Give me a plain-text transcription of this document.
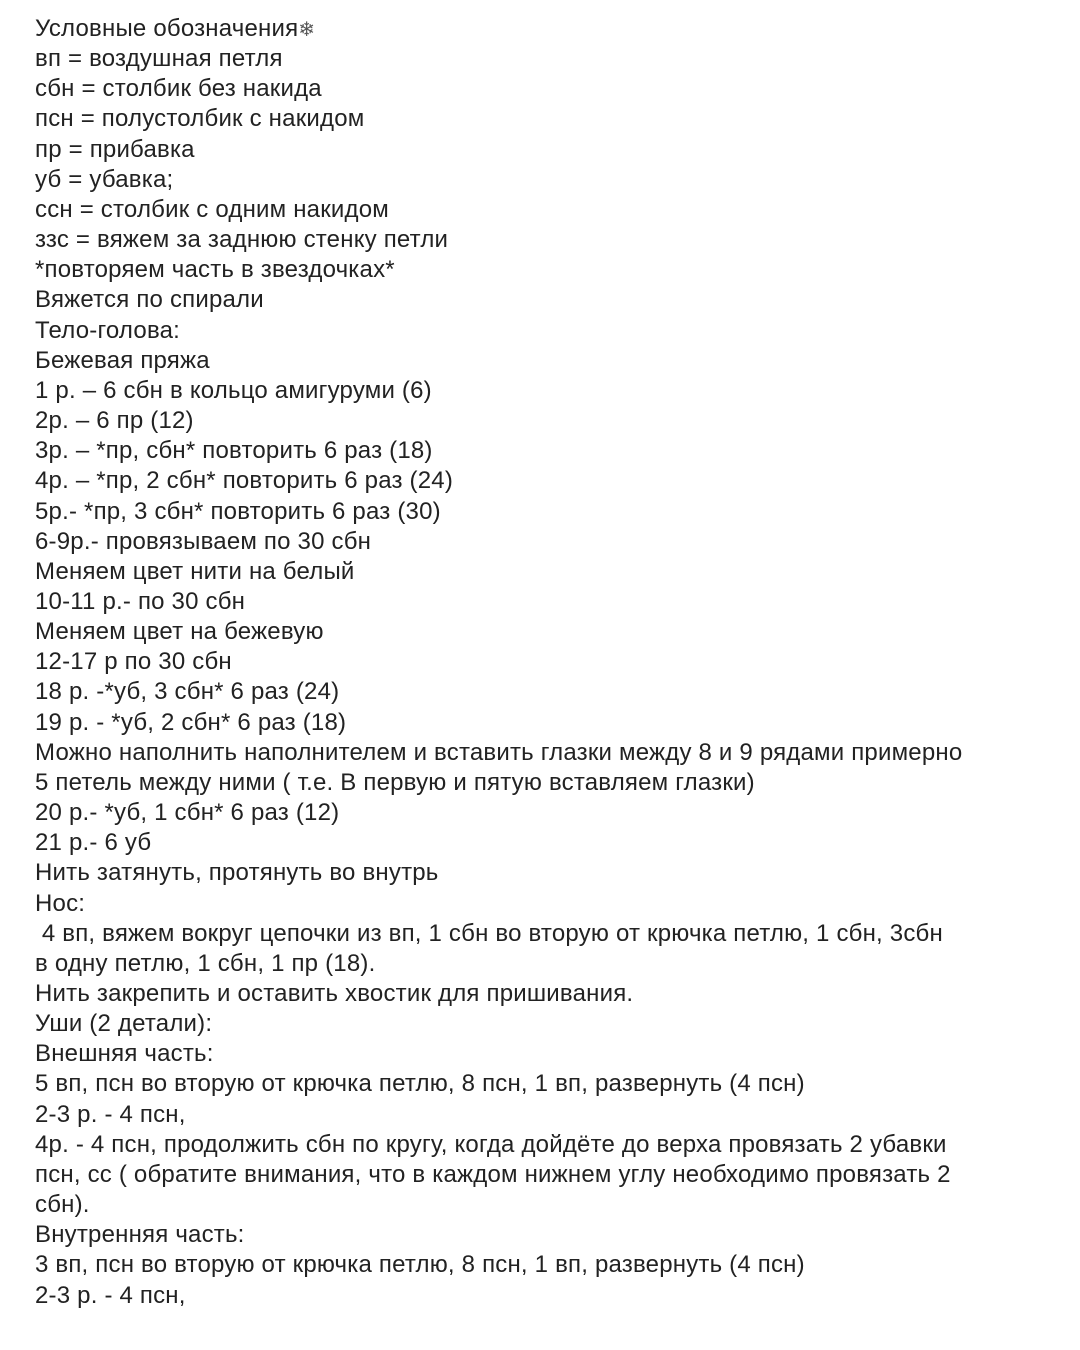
Условные обозначения❄
вп = воздушная петля
сбн = столбик без накида
псн = полустолбик с накидом
пр = прибавка
уб = убавка;
ссн = столбик с одним накидом
ззс = вяжем за заднюю стенку петли
*повторяем часть в звездочках*
Вяжется по спирали
Тело-голова:
Бежевая пряжа
1 р. – 6 сбн в кольцо амигуруми (6)
2р. – 6 пр (12)
3р. – *пр, сбн* повторить 6 раз (18)
4р. – *пр, 2 сбн* повторить 6 раз (24)
5р.- *пр, 3 сбн* повторить 6 раз (30)
6-9р.- провязываем по 30 сбн
Меняем цвет нити на белый
10-11 р.- по 30 сбн
Меняем цвет на бежевую
12-17 р по 30 сбн
18 р. -*уб, 3 сбн* 6 раз (24)
19 р. - *уб, 2 сбн* 6 раз (18)
Можно наполнить наполнителем и вставить глазки между 8 и 9 рядами примерно
5 петель между ними ( т.е. В первую и пятую вставляем глазки)
20 р.- *уб, 1 сбн* 6 раз (12)
21 р.- 6 уб
Нить затянуть, протянуть во внутрь
Нос:
4 вп, вяжем вокруг цепочки из вп, 1 сбн во вторую от крючка петлю, 1 сбн, 3сбн
в одну петлю, 1 сбн, 1 пр (18).
Нить закрепить и оставить хвостик для пришивания.
Уши (2 детали):
Внешняя часть:
5 вп, псн во вторую от крючка петлю, 8 псн, 1 вп, развернуть (4 псн)
2-3 р. - 4 псн,
4р. - 4 псн, продолжить сбн по кругу, когда дойдёте до верха провязать 2 убавки
псн, сс ( обратите внимания, что в каждом нижнем углу необходимо провязать 2
сбн).
Внутренняя часть:
3 вп, псн во вторую от крючка петлю, 8 псн, 1 вп, развернуть (4 псн)
2-3 р. - 4 псн,
